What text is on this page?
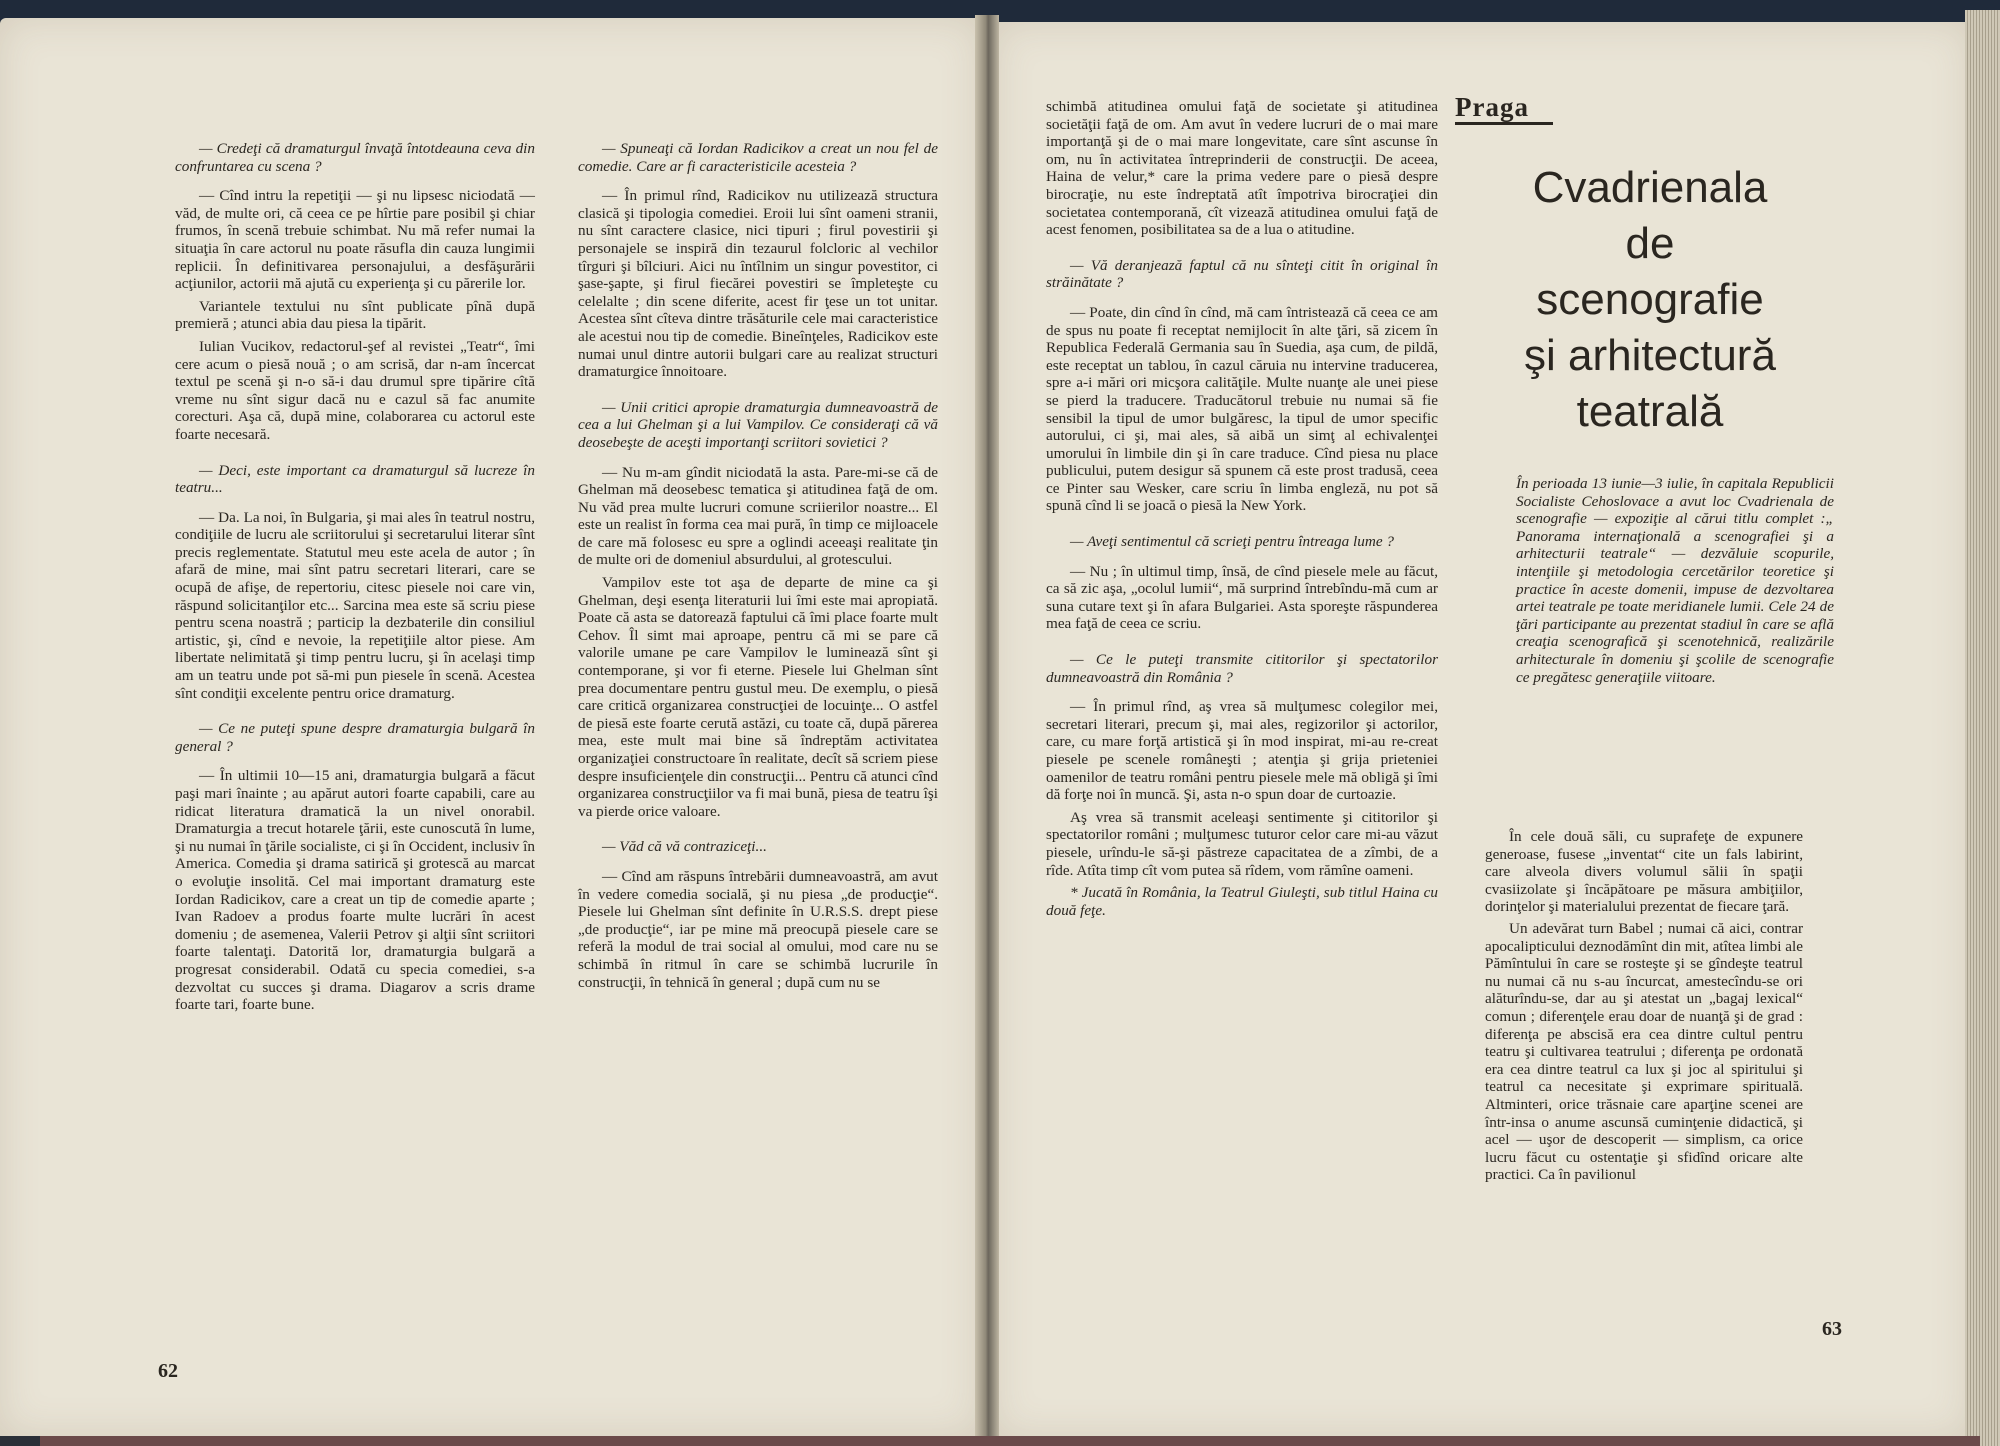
— Credeţi că dramaturgul învaţă întotdeauna ceva din confruntarea cu scena ?

— Cînd intru la repetiţii — şi nu lipsesc niciodată — văd, de multe ori, că ceea ce pe hîrtie pare posibil şi chiar frumos, în scenă trebuie schimbat. Nu mă refer numai la situaţia în care actorul nu poate răsufla din cauza lungimii replicii. În definitivarea personajului, a desfăşurării acţiunilor, actorii mă ajută cu experienţa şi cu părerile lor.

Variantele textului nu sînt publicate pînă după premieră ; atunci abia dau piesa la tipărit.

Iulian Vucikov, redactorul-şef al revistei „Teatr“, îmi cere acum o piesă nouă ; o am scrisă, dar n-am încercat textul pe scenă şi n-o să-i dau drumul spre tipărire cîtă vreme nu sînt sigur dacă nu e cazul să fac anumite corecturi. Aşa că, după mine, colaborarea cu actorul este foarte necesară.

— Deci, este important ca dramaturgul să lucreze în teatru...

— Da. La noi, în Bulgaria, şi mai ales în teatrul nostru, condiţiile de lucru ale scriitorului şi secretarului literar sînt precis reglementate. Statutul meu este acela de autor ; în afară de mine, mai sînt patru secretari literari, care se ocupă de afişe, de repertoriu, citesc piesele noi care vin, răspund solicitanţilor etc... Sarcina mea este să scriu piese pentru scena noastră ; particip la dezbaterile din consiliul artistic, şi, cînd e nevoie, la repetiţiile altor piese. Am libertate nelimitată şi timp pentru lucru, şi în acelaşi timp am un teatru unde pot să-mi pun piesele în scenă. Acestea sînt condiţii excelente pentru orice dramaturg.

— Ce ne puteţi spune despre dramaturgia bulgară în general ?

— În ultimii 10—15 ani, dramaturgia bulgară a făcut paşi mari înainte ; au apărut autori foarte capabili, care au ridicat literatura dramatică la un nivel onorabil. Dramaturgia a trecut hotarele ţării, este cunoscută în lume, şi nu numai în ţările socialiste, ci şi în Occident, inclusiv în America. Comedia şi drama satirică şi grotescă au marcat o evoluţie insolită. Cel mai important dramaturg este Iordan Radicikov, care a creat un tip de comedie aparte ; Ivan Radoev a produs foarte multe lucrări în acest domeniu ; de asemenea, Valerii Petrov şi alţii sînt scriitori foarte talentaţi. Datorită lor, dramaturgia bulgară a progresat considerabil. Odată cu specia comediei, s-a dezvoltat cu succes şi drama. Diagarov a scris drame foarte tari, foarte bune.

— Spuneaţi că Iordan Radicikov a creat un nou fel de comedie. Care ar fi caracteristicile acesteia ?

— În primul rînd, Radicikov nu utilizează structura clasică şi tipologia comediei. Eroii lui sînt oameni stranii, nu sînt caractere clasice, nici tipuri ; firul povestirii şi personajele se inspiră din tezaurul folcloric al vechilor tîrguri şi bîlciuri. Aici nu întîlnim un singur povestitor, ci şase-şapte, şi firul fiecărei povestiri se împleteşte cu celelalte ; din scene diferite, acest fir ţese un tot unitar. Acestea sînt cîteva dintre trăsăturile cele mai caracteristice ale acestui nou tip de comedie. Bineînţeles, Radicikov este numai unul dintre autorii bulgari care au realizat structuri dramaturgice înnoitoare.

— Unii critici apropie dramaturgia dumneavoastră de cea a lui Ghelman şi a lui Vampilov. Ce consideraţi că vă deosebeşte de aceşti importanţi scriitori sovietici ?

— Nu m-am gîndit niciodată la asta. Pare-mi-se că de Ghelman mă deosebesc tematica şi atitudinea faţă de om. Nu văd prea multe lucruri comune scriierilor noastre... El este un realist în forma cea mai pură, în timp ce mijloacele de care mă folosesc eu spre a oglindi aceeaşi realitate ţin de multe ori de domeniul absurdului, al grotescului.

Vampilov este tot aşa de departe de mine ca şi Ghelman, deşi esenţa literaturii lui îmi este mai apropiată. Poate că asta se datorează faptului că îmi place foarte mult Cehov. Îl simt mai aproape, pentru că mi se pare că valorile umane pe care Vampilov le luminează sînt şi contemporane, şi vor fi eterne. Piesele lui Ghelman sînt prea documentare pentru gustul meu. De exemplu, o piesă care critică organizarea construcţiei de locuinţe... O astfel de piesă este foarte cerută astăzi, cu toate că, după părerea mea, este mult mai bine să îndreptăm activitatea organizaţiei constructoare în realitate, decît să scriem piese despre insuficienţele din construcţii... Pentru că atunci cînd organizarea construcţiilor va fi mai bună, piesa de teatru îşi va pierde orice valoare.

— Văd că vă contraziceţi...

— Cînd am răspuns întrebării dumneavoastră, am avut în vedere comedia socială, şi nu piesa „de producţie“. Piesele lui Ghelman sînt definite în U.R.S.S. drept piese „de producţie“, iar pe mine mă preocupă piesele care se referă la modul de trai social al omului, mod care nu se schimbă în ritmul în care se schimbă lucrurile în construcţii, în tehnică în general ; după cum nu se

schimbă atitudinea omului faţă de societate şi atitudinea societăţii faţă de om. Am avut în vedere lucruri de o mai mare importanţă şi de o mai mare longevitate, care sînt ascunse în om, nu în activitatea întreprinderii de construcţii. De aceea, Haina de velur,* care la prima vedere pare o piesă despre birocraţie, nu este îndreptată atît împotriva birocraţiei din societatea contemporană, cît vizează atitudinea omului faţă de acest fenomen, posibilitatea sa de a lua o atitudine.

— Vă deranjează faptul că nu sînteţi citit în original în străinătate ?

— Poate, din cînd în cînd, mă cam întristează că ceea ce am de spus nu poate fi receptat nemijlocit în alte ţări, să zicem în Republica Federală Germania sau în Suedia, aşa cum, de pildă, este receptat un tablou, în cazul căruia nu intervine traducerea, spre a-i mări ori micşora calităţile. Multe nuanţe ale unei piese se pierd la traducere. Traducătorul trebuie nu numai să fie sensibil la tipul de umor bulgăresc, la tipul de umor specific autorului, ci şi, mai ales, să aibă un simţ al echivalenţei umorului în limbile din şi în care traduce. Cînd piesa nu place publicului, putem desigur să spunem că este prost tradusă, ceea ce Pinter sau Wesker, care scriu în limba engleză, nu pot să spună cînd li se joacă o piesă la New York.

— Aveţi sentimentul că scrieţi pentru întreaga lume ?

— Nu ; în ultimul timp, însă, de cînd piesele mele au făcut, ca să zic aşa, „ocolul lumii“, mă surprind întrebîndu-mă cum ar suna cutare text şi în afara Bulgariei. Asta sporeşte răspunderea mea faţă de ceea ce scriu.

— Ce le puteţi transmite cititorilor şi spectatorilor dumneavoastră din România ?

— În primul rînd, aş vrea să mulţumesc colegilor mei, secretari literari, precum şi, mai ales, regizorilor şi actorilor, care, cu mare forţă artistică şi în mod inspirat, mi-au re-creat piesele pe scenele româneşti ; atenţia şi grija prieteniei oamenilor de teatru români pentru piesele mele mă obligă şi îmi dă forţe noi în muncă. Şi, asta n-o spun doar de curtoazie.

Aş vrea să transmit aceleaşi sentimente şi cititorilor şi spectatorilor români ; mulţumesc tuturor celor care mi-au văzut piesele, urîndu-le să-şi păstreze capacitatea de a zîmbi, de a rîde. Atîta timp cît vom putea să rîdem, vom rămîne oameni.

* Jucată în România, la Teatrul Giuleşti, sub titlul Haina cu două feţe.

62
63
Praga
Cvadrienala
de
scenografie
şi arhitectură
teatrală
În perioada 13 iunie—3 iulie, în capitala Republicii Socialiste Cehoslovace a avut loc Cvadrienala de scenografie — expoziţie al cărui titlu complet :„ Panorama internaţională a scenografiei şi a arhitecturii teatrale“ — dezvăluie scopurile, intenţiile şi metodologia cercetărilor teoretice şi practice în aceste domenii, impuse de dezvoltarea artei teatrale pe toate meridianele lumii. Cele 24 de ţări participante au prezentat stadiul în care se află creaţia scenografică şi scenotehnică, realizările arhitecturale în domeniu şi şcolile de scenografie ce pregătesc generaţiile viitoare.

În cele două săli, cu suprafeţe de expunere generoase, fusese „inventat“ cite un fals labirint, care alveola divers volumul sălii în spaţii cvasiizolate şi încăpătoare pe măsura ambiţiilor, dorinţelor şi materialului prezentat de fiecare ţară.

Un adevărat turn Babel ; numai că aici, contrar apocalipticului deznodămînt din mit, atîtea limbi ale Pămîntului în care se rosteşte şi se gîndeşte teatrul nu numai că nu s-au încurcat, amestecîndu-se ori alăturîndu-se, dar au şi atestat un „bagaj lexical“ comun ; diferenţele erau doar de nuanţă şi de grad : diferenţa pe abscisă era cea dintre cultul pentru teatru şi cultivarea teatrului ; diferenţa pe ordonată era cea dintre teatrul ca lux şi joc al spiritului şi teatrul ca necesitate şi exprimare spirituală. Altminteri, orice trăsnaie care aparţine scenei are într-insa o anume ascunsă cuminţenie didactică, şi acel — uşor de descoperit — simplism, ca orice lucru făcut cu ostentaţie şi sfidînd oricare alte practici. Ca în pavilionul
